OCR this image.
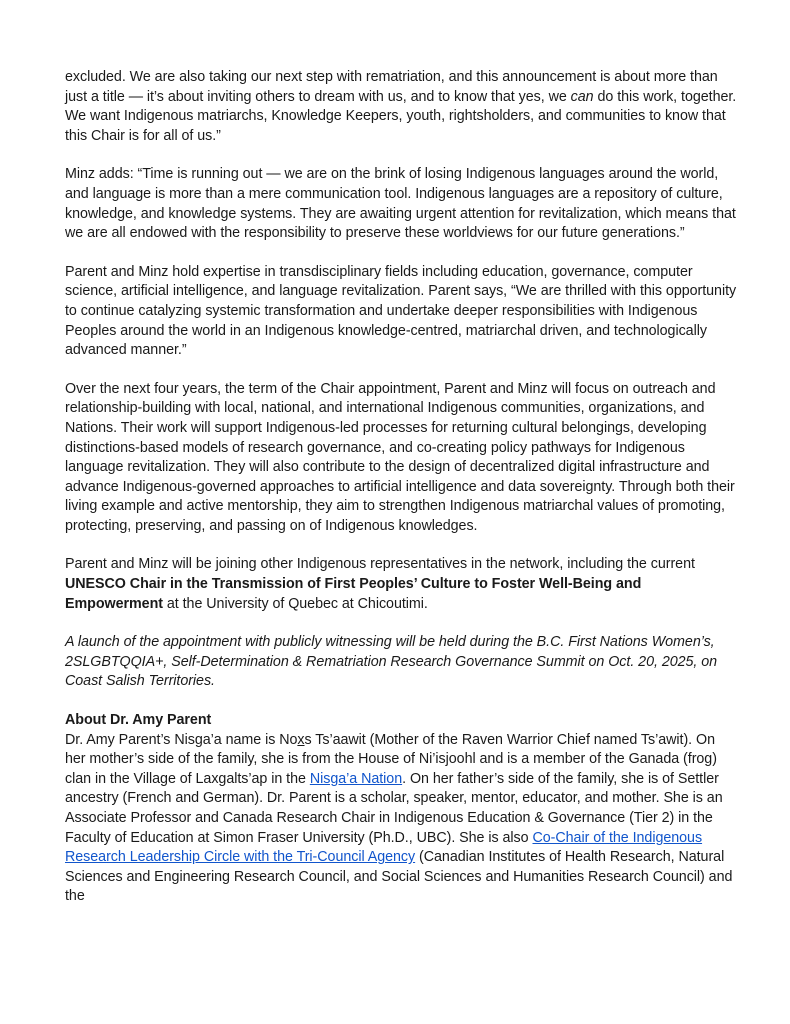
excluded. We are also taking our next step with rematriation, and this announcement is about more than just a title — it’s about inviting others to dream with us, and to know that yes, we can do this work, together. We want Indigenous matriarchs, Knowledge Keepers, youth, rightsholders, and communities to know that this Chair is for all of us.”

Minz adds: “Time is running out — we are on the brink of losing Indigenous languages around the world, and language is more than a mere communication tool. Indigenous languages are a repository of culture, knowledge, and knowledge systems. They are awaiting urgent attention for revitalization, which means that we are all endowed with the responsibility to preserve these worldviews for our future generations.”

Parent and Minz hold expertise in transdisciplinary fields including education, governance, computer science, artificial intelligence, and language revitalization. Parent says, “We are thrilled with this opportunity to continue catalyzing systemic transformation and undertake deeper responsibilities with Indigenous Peoples around the world in an Indigenous knowledge-centred, matriarchal driven, and technologically advanced manner.”

Over the next four years, the term of the Chair appointment, Parent and Minz will focus on outreach and relationship-building with local, national, and international Indigenous communities, organizations, and Nations. Their work will support Indigenous-led processes for returning cultural belongings, developing distinctions-based models of research governance, and co-creating policy pathways for Indigenous language revitalization. They will also contribute to the design of decentralized digital infrastructure and advance Indigenous-governed approaches to artificial intelligence and data sovereignty. Through both their living example and active mentorship, they aim to strengthen Indigenous matriarchal values of promoting, protecting, preserving, and passing on of Indigenous knowledges.

Parent and Minz will be joining other Indigenous representatives in the network, including the current UNESCO Chair in the Transmission of First Peoples’ Culture to Foster Well-Being and Empowerment at the University of Quebec at Chicoutimi.

A launch of the appointment with publicly witnessing will be held during the B.C. First Nations Women’s, 2SLGBTQQIA+, Self-Determination & Rematriation Research Governance Summit on Oct. 20, 2025, on Coast Salish Territories.

About Dr. Amy Parent

Dr. Amy Parent’s Nisga’a name is Noxs Ts’aawit (Mother of the Raven Warrior Chief named Ts’awit). On her mother’s side of the family, she is from the House of Ni’isjoohl and is a member of the Ganada (frog) clan in the Village of Laxgalts’ap in the Nisga’a Nation. On her father’s side of the family, she is of Settler ancestry (French and German). Dr. Parent is a scholar, speaker, mentor, educator, and mother. She is an Associate Professor and Canada Research Chair in Indigenous Education & Governance (Tier 2) in the Faculty of Education at Simon Fraser University (Ph.D., UBC). She is also Co-Chair of the Indigenous Research Leadership Circle with the Tri-Council Agency (Canadian Institutes of Health Research, Natural Sciences and Engineering Research Council, and Social Sciences and Humanities Research Council) and the
